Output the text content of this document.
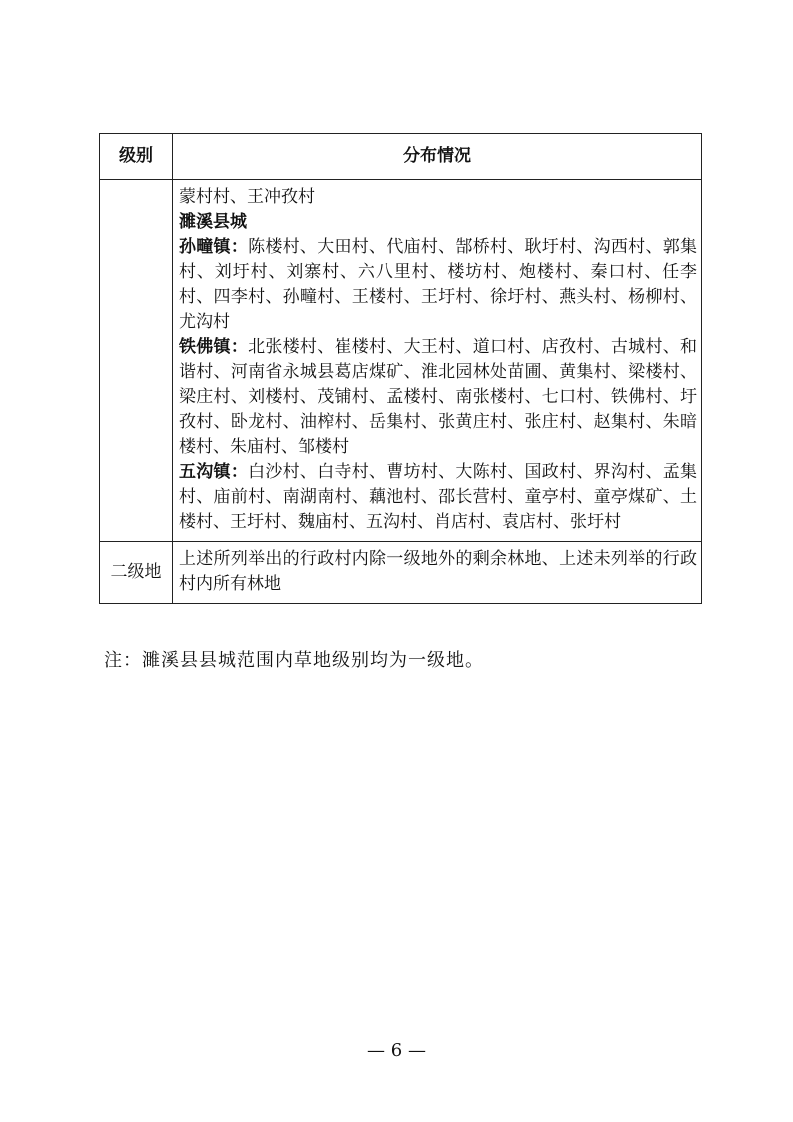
级别	分布情况

	蒙村村、王冲孜村
濉溪县城
孙疃镇：陈楼村、大田村、代庙村、郜桥村、耿圩村、沟西村、郭集村、刘圩村、刘寨村、六八里村、楼坊村、炮楼村、秦口村、任李村、四李村、孙疃村、王楼村、王圩村、徐圩村、燕头村、杨柳村、尤沟村
铁佛镇：北张楼村、崔楼村、大王村、道口村、店孜村、古城村、和谐村、河南省永城县葛店煤矿、淮北园林处苗圃、黄集村、梁楼村、梁庄村、刘楼村、茂铺村、孟楼村、南张楼村、七口村、铁佛村、圩孜村、卧龙村、油榨村、岳集村、张黄庄村、张庄村、赵集村、朱暗楼村、朱庙村、邹楼村
五沟镇：白沙村、白寺村、曹坊村、大陈村、国政村、界沟村、孟集村、庙前村、南湖南村、藕池村、邵长营村、童亭村、童亭煤矿、土楼村、王圩村、魏庙村、五沟村、肖店村、袁店村、张圩村

二级地	上述所列举出的行政村内除一级地外的剩余林地、上述未列举的行政村内所有林地
注：濉溪县县城范围内草地级别均为一级地。
— 6 —
